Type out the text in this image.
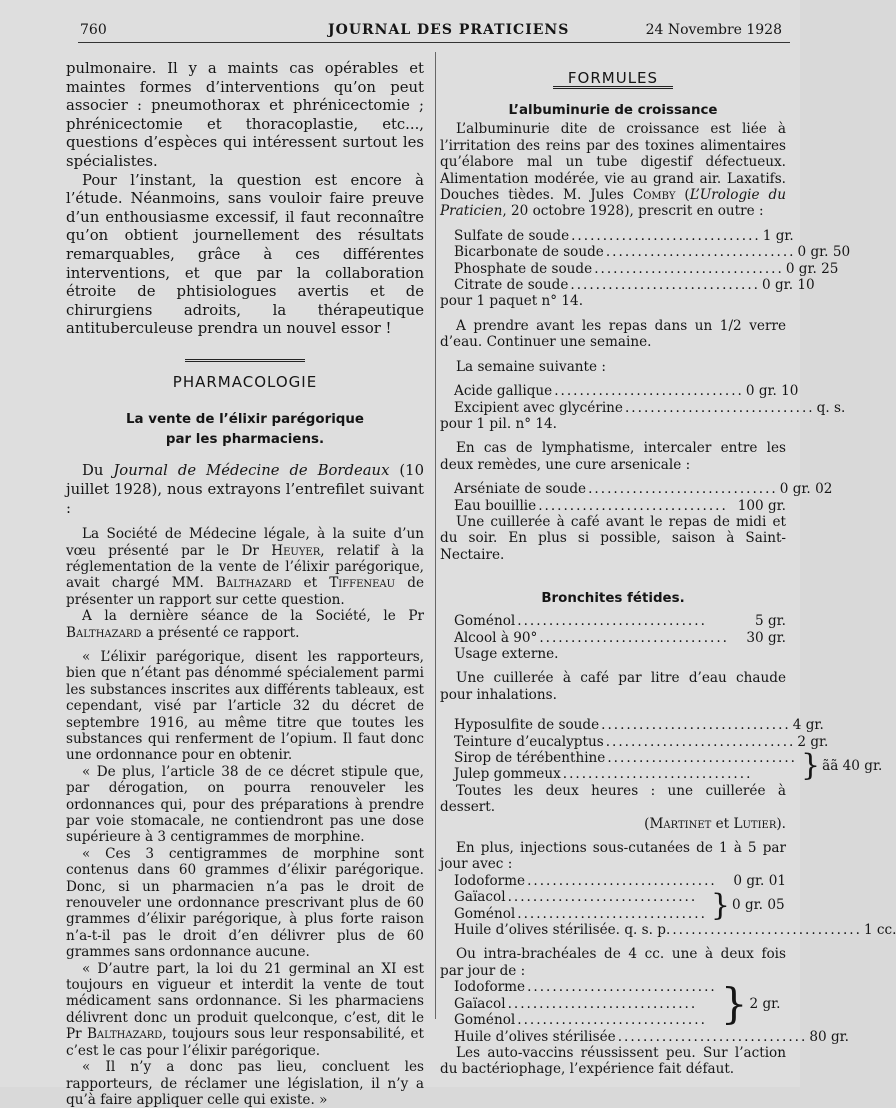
760	JOURNAL DES PRATICIENS	24 Novembre 1928

pulmonaire. Il y a maints cas opérables et maintes formes d’interventions qu’on peut associer : pneumothorax et phrénicectomie ; phrénicectomie et thoracoplastie, etc..., questions d’espèces qui intéressent surtout les spécialistes.

Pour l’instant, la question est encore à l’étude. Néanmoins, sans vouloir faire preuve d’un enthousiasme excessif, il faut reconnaître qu’on obtient journellement des résultats remarquables, grâce à ces différentes interventions, et que par la collaboration étroite de phtisiologues avertis et de chirurgiens adroits, la thérapeutique antituberculeuse prendra un nouvel essor !

PHARMACOLOGIE
La vente de l’élixir parégorique
par les pharmaciens.

Du Journal de Médecine de Bordeaux (10 juillet 1928), nous extrayons l’entrefilet suivant :

La Société de Médecine légale, à la suite d’un vœu présenté par le Dr Heuyer, relatif à la réglementation de la vente de l’élixir parégorique, avait chargé MM. Balthazard et Tiffeneau de présenter un rapport sur cette question.

A la dernière séance de la Société, le Pr Balthazard a présenté ce rapport.

« L’élixir parégorique, disent les rapporteurs, bien que n’étant pas dénommé spécialement parmi les substances inscrites aux différents tableaux, est cependant, visé par l’article 32 du décret de septembre 1916, au même titre que toutes les substances qui renferment de l’opium. Il faut donc une ordonnance pour en obtenir.

« De plus, l’article 38 de ce décret stipule que, par dérogation, on pourra renouveler les ordonnances qui, pour des préparations à prendre par voie stomacale, ne contiendront pas une dose supérieure à 3 centigrammes de morphine.

« Ces 3 centigrammes de morphine sont contenus dans 60 grammes d’élixir parégorique. Donc, si un pharmacien n’a pas le droit de renouveler une ordonnance prescrivant plus de 60 grammes d’élixir parégorique, à plus forte raison n’a-t-il pas le droit d’en délivrer plus de 60 grammes sans ordonnance aucune.

« D’autre part, la loi du 21 germinal an XI est toujours en vigueur et interdit la vente de tout médicament sans ordonnance. Si les pharmaciens délivrent donc un produit quelconque, c’est, dit le Pr Balthazard, toujours sous leur responsabilité, et c’est le cas pour l’élixir parégorique.

« Il n’y a donc pas lieu, concluent les rapporteurs, de réclamer une législation, il n’y a qu’à faire appliquer celle qui existe. »

FORMULES
L’albuminurie de croissance

L’albuminurie dite de croissance est liée à l’irritation des reins par des toxines alimentaires qu’élabore mal un tube digestif défectueux. Alimentation modérée, vie au grand air. Laxatifs. Douches tièdes. M. Jules Comby (L’Urologie du Praticien, 20 octobre 1928), prescrit en outre :

Sulfate de soude .............................. 1 gr.
Bicarbonate de soude .............................. 0 gr. 50
Phosphate de soude .............................. 0 gr. 25
Citrate de soude .............................. 0 gr. 10

pour 1 paquet n° 14.

A prendre avant les repas dans un 1/2 verre d’eau. Continuer une semaine.

La semaine suivante :

Acide gallique .............................. 0 gr. 10
Excipient avec glycérine .............................. q. s.

pour 1 pil. n° 14.

En cas de lymphatisme, intercaler entre les deux remèdes, une cure arsenicale :

Arséniate de soude .............................. 0 gr. 02
Eau bouillie .............................. 100 gr.

Une cuillerée à café avant le repas de midi et du soir. En plus si possible, saison à Saint-Nectaire.

Bronchites fétides.
Goménol ..............................	5 gr.
Alcool à 90° ..............................	30 gr.
Usage externe.

Une cuillerée à café par litre d’eau chaude pour inhalations.

Hyposulfite de soude .............................. 4 gr.
Teinture d’eucalyptus .............................. 2 gr.
Sirop de térébenthine ..............................
Julep gommeux ..............................	} ãã 40 gr.

Toutes les deux heures : une cuillerée à dessert.

(Martinet et Lutier).

En plus, injections sous-cutanées de 1 à 5 par jour avec :

Iodoforme ..............................	0 gr. 01
Gaïacol ..............................
Goménol .............................. } 0 gr. 05
Huile d’olives stérilisée. q. s. p. .............................. 1 cc.

Ou intra-brachéales de 4 cc. une à deux fois par jour de :

Iodoforme ..............................
Gaïacol ..............................
Goménol .............................. } 2 gr.
Huile d’olives stérilisée .............................. 80 gr.

Les auto-vaccins réussissent peu. Sur l’action du bactériophage, l’expérience fait défaut.
